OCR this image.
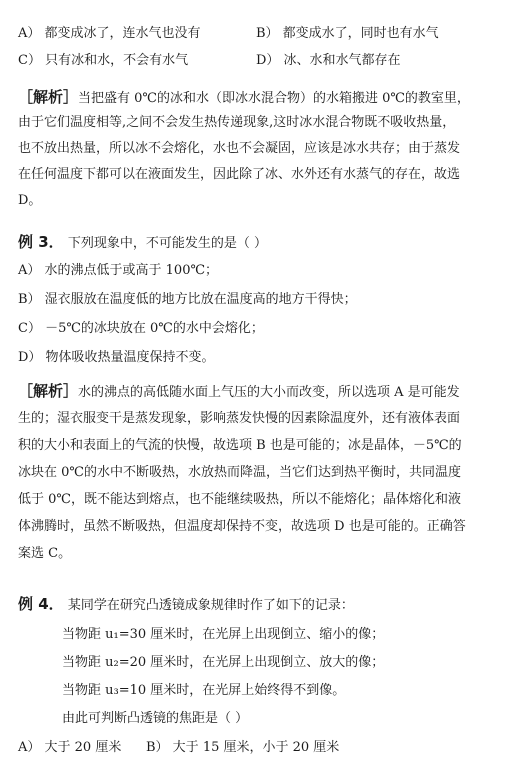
A） 都变成冰了，连水气也没有	B） 都变成水了，同时也有水气
C） 只有冰和水，不会有水气	D） 冰、水和水气都存在
［解析］当把盛有 0℃的冰和水（即冰水混合物）的水箱搬进 0℃的教室里，
由于它们温度相等,之间不会发生热传递现象,这时冰水混合物既不吸收热量，
也不放出热量，所以冰不会熔化，水也不会凝固，应该是冰水共存；由于蒸发
在任何温度下都可以在液面发生，因此除了冰、水外还有水蒸气的存在，故选
D。
例 3． 下列现象中，不可能发生的是（ ）
A） 水的沸点低于或高于 100℃；
B） 湿衣服放在温度低的地方比放在温度高的地方干得快；
C） －5℃的冰块放在 0℃的水中会熔化；
D） 物体吸收热量温度保持不变。
［解析］水的沸点的高低随水面上气压的大小而改变，所以选项 A 是可能发
生的；湿衣服变干是蒸发现象，影响蒸发快慢的因素除温度外，还有液体表面
积的大小和表面上的气流的快慢，故选项 B 也是可能的；冰是晶体，－5℃的
冰块在 0℃的水中不断吸热，水放热而降温，当它们达到热平衡时，共同温度
低于 0℃，既不能达到熔点，也不能继续吸热，所以不能熔化；晶体熔化和液
体沸腾时，虽然不断吸热，但温度却保持不变，故选项 D 也是可能的。正确答
案选 C。
例 4． 某同学在研究凸透镜成象规律时作了如下的记录：
当物距 u₁=30 厘米时，在光屏上出现倒立、缩小的像；
当物距 u₂=20 厘米时，在光屏上出现倒立、放大的像；
当物距 u₃=10 厘米时，在光屏上始终得不到像。
由此可判断凸透镜的焦距是（ ）
A） 大于 20 厘米 B） 大于 15 厘米，小于 20 厘米
